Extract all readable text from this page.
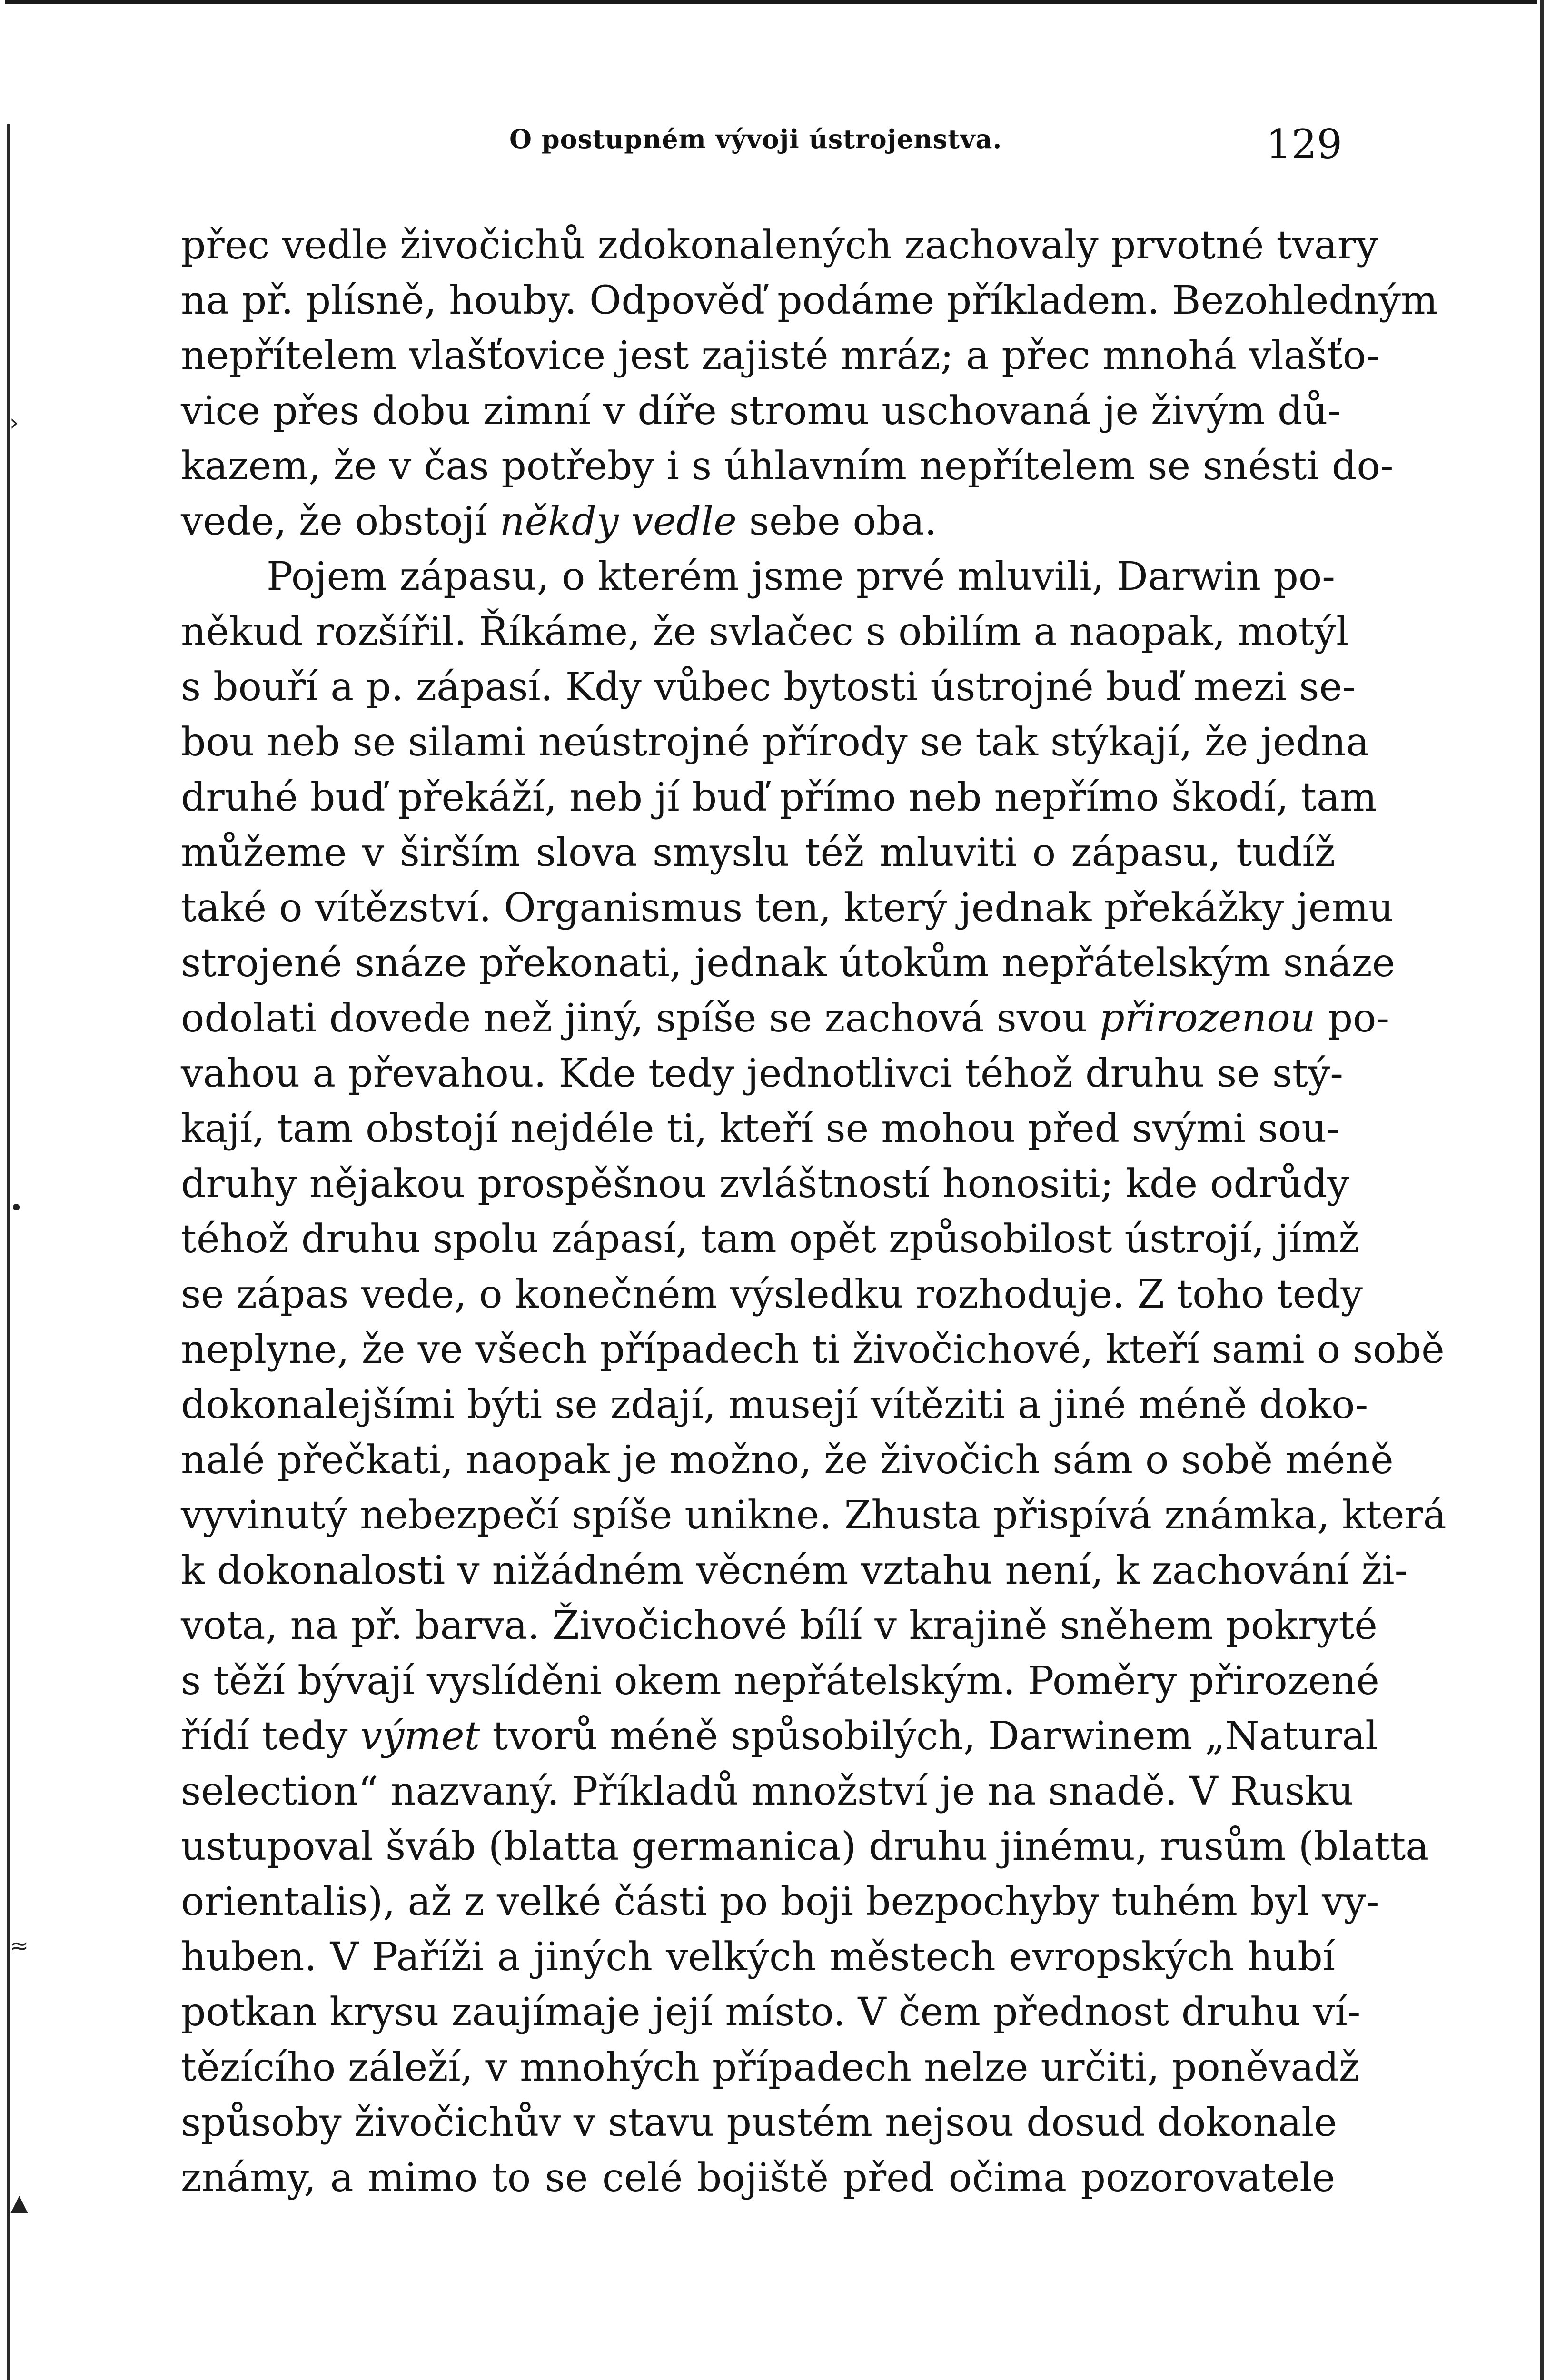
›
•
≈
▲
O postupném vývoji ústrojenstva.	129
přec vedle živočichů zdokonalených zachovaly prvotné tvary
na př. plísně, houby. Odpověď podáme příkladem. Bezohledným
nepřítelem vlašťovice jest zajisté mráz; a přec mnohá vlašťo-
vice přes dobu zimní v díře stromu uschovaná je živým dů-
kazem, že v čas potřeby i s úhlavním nepřítelem se snésti do-
vede, že obstojí někdy vedle sebe oba.
Pojem zápasu, o kterém jsme prvé mluvili, Darwin po-
někud rozšířil. Říkáme, že svlačec s obilím a naopak, motýl
s bouří a p. zápasí. Kdy vůbec bytosti ústrojné buď mezi se-
bou neb se silami neústrojné přírody se tak stýkají, že jedna
druhé buď překáží, neb jí buď přímo neb nepřímo škodí, tam
můžeme v širším slova smyslu též mluviti o zápasu, tudíž
také o vítězství. Organismus ten, který jednak překážky jemu
strojené snáze překonati, jednak útokům nepřátelským snáze
odolati dovede než jiný, spíše se zachová svou přirozenou po-
vahou a převahou. Kde tedy jednotlivci téhož druhu se stý-
kají, tam obstojí nejdéle ti, kteří se mohou před svými sou-
druhy nějakou prospěšnou zvláštností honositi; kde odrůdy
téhož druhu spolu zápasí, tam opět způsobilost ústrojí, jímž
se zápas vede, o konečném výsledku rozhoduje. Z toho tedy
neplyne, že ve všech případech ti živočichové, kteří sami o sobě
dokonalejšími býti se zdají, musejí vítěziti a jiné méně doko-
nalé přečkati, naopak je možno, že živočich sám o sobě méně
vyvinutý nebezpečí spíše unikne. Zhusta přispívá známka, která
k dokonalosti v nižádném věcném vztahu není, k zachování ži-
vota, na př. barva. Živočichové bílí v krajině sněhem pokryté
s těží bývají vyslíděni okem nepřátelským. Poměry přirozené
řídí tedy výmet tvorů méně spůsobilých, Darwinem „Natural
selection“ nazvaný. Příkladů množství je na snadě. V Rusku
ustupoval šváb (blatta germanica) druhu jinému, rusům (blatta
orientalis), až z velké části po boji bezpochyby tuhém byl vy-
huben. V Paříži a jiných velkých městech evropských hubí
potkan krysu zaujímaje její místo. V čem přednost druhu ví-
tězícího záleží, v mnohých případech nelze určiti, poněvadž
spůsoby živočichův v stavu pustém nejsou dosud dokonale
známy, a mimo to se celé bojiště před očima pozorovatele
